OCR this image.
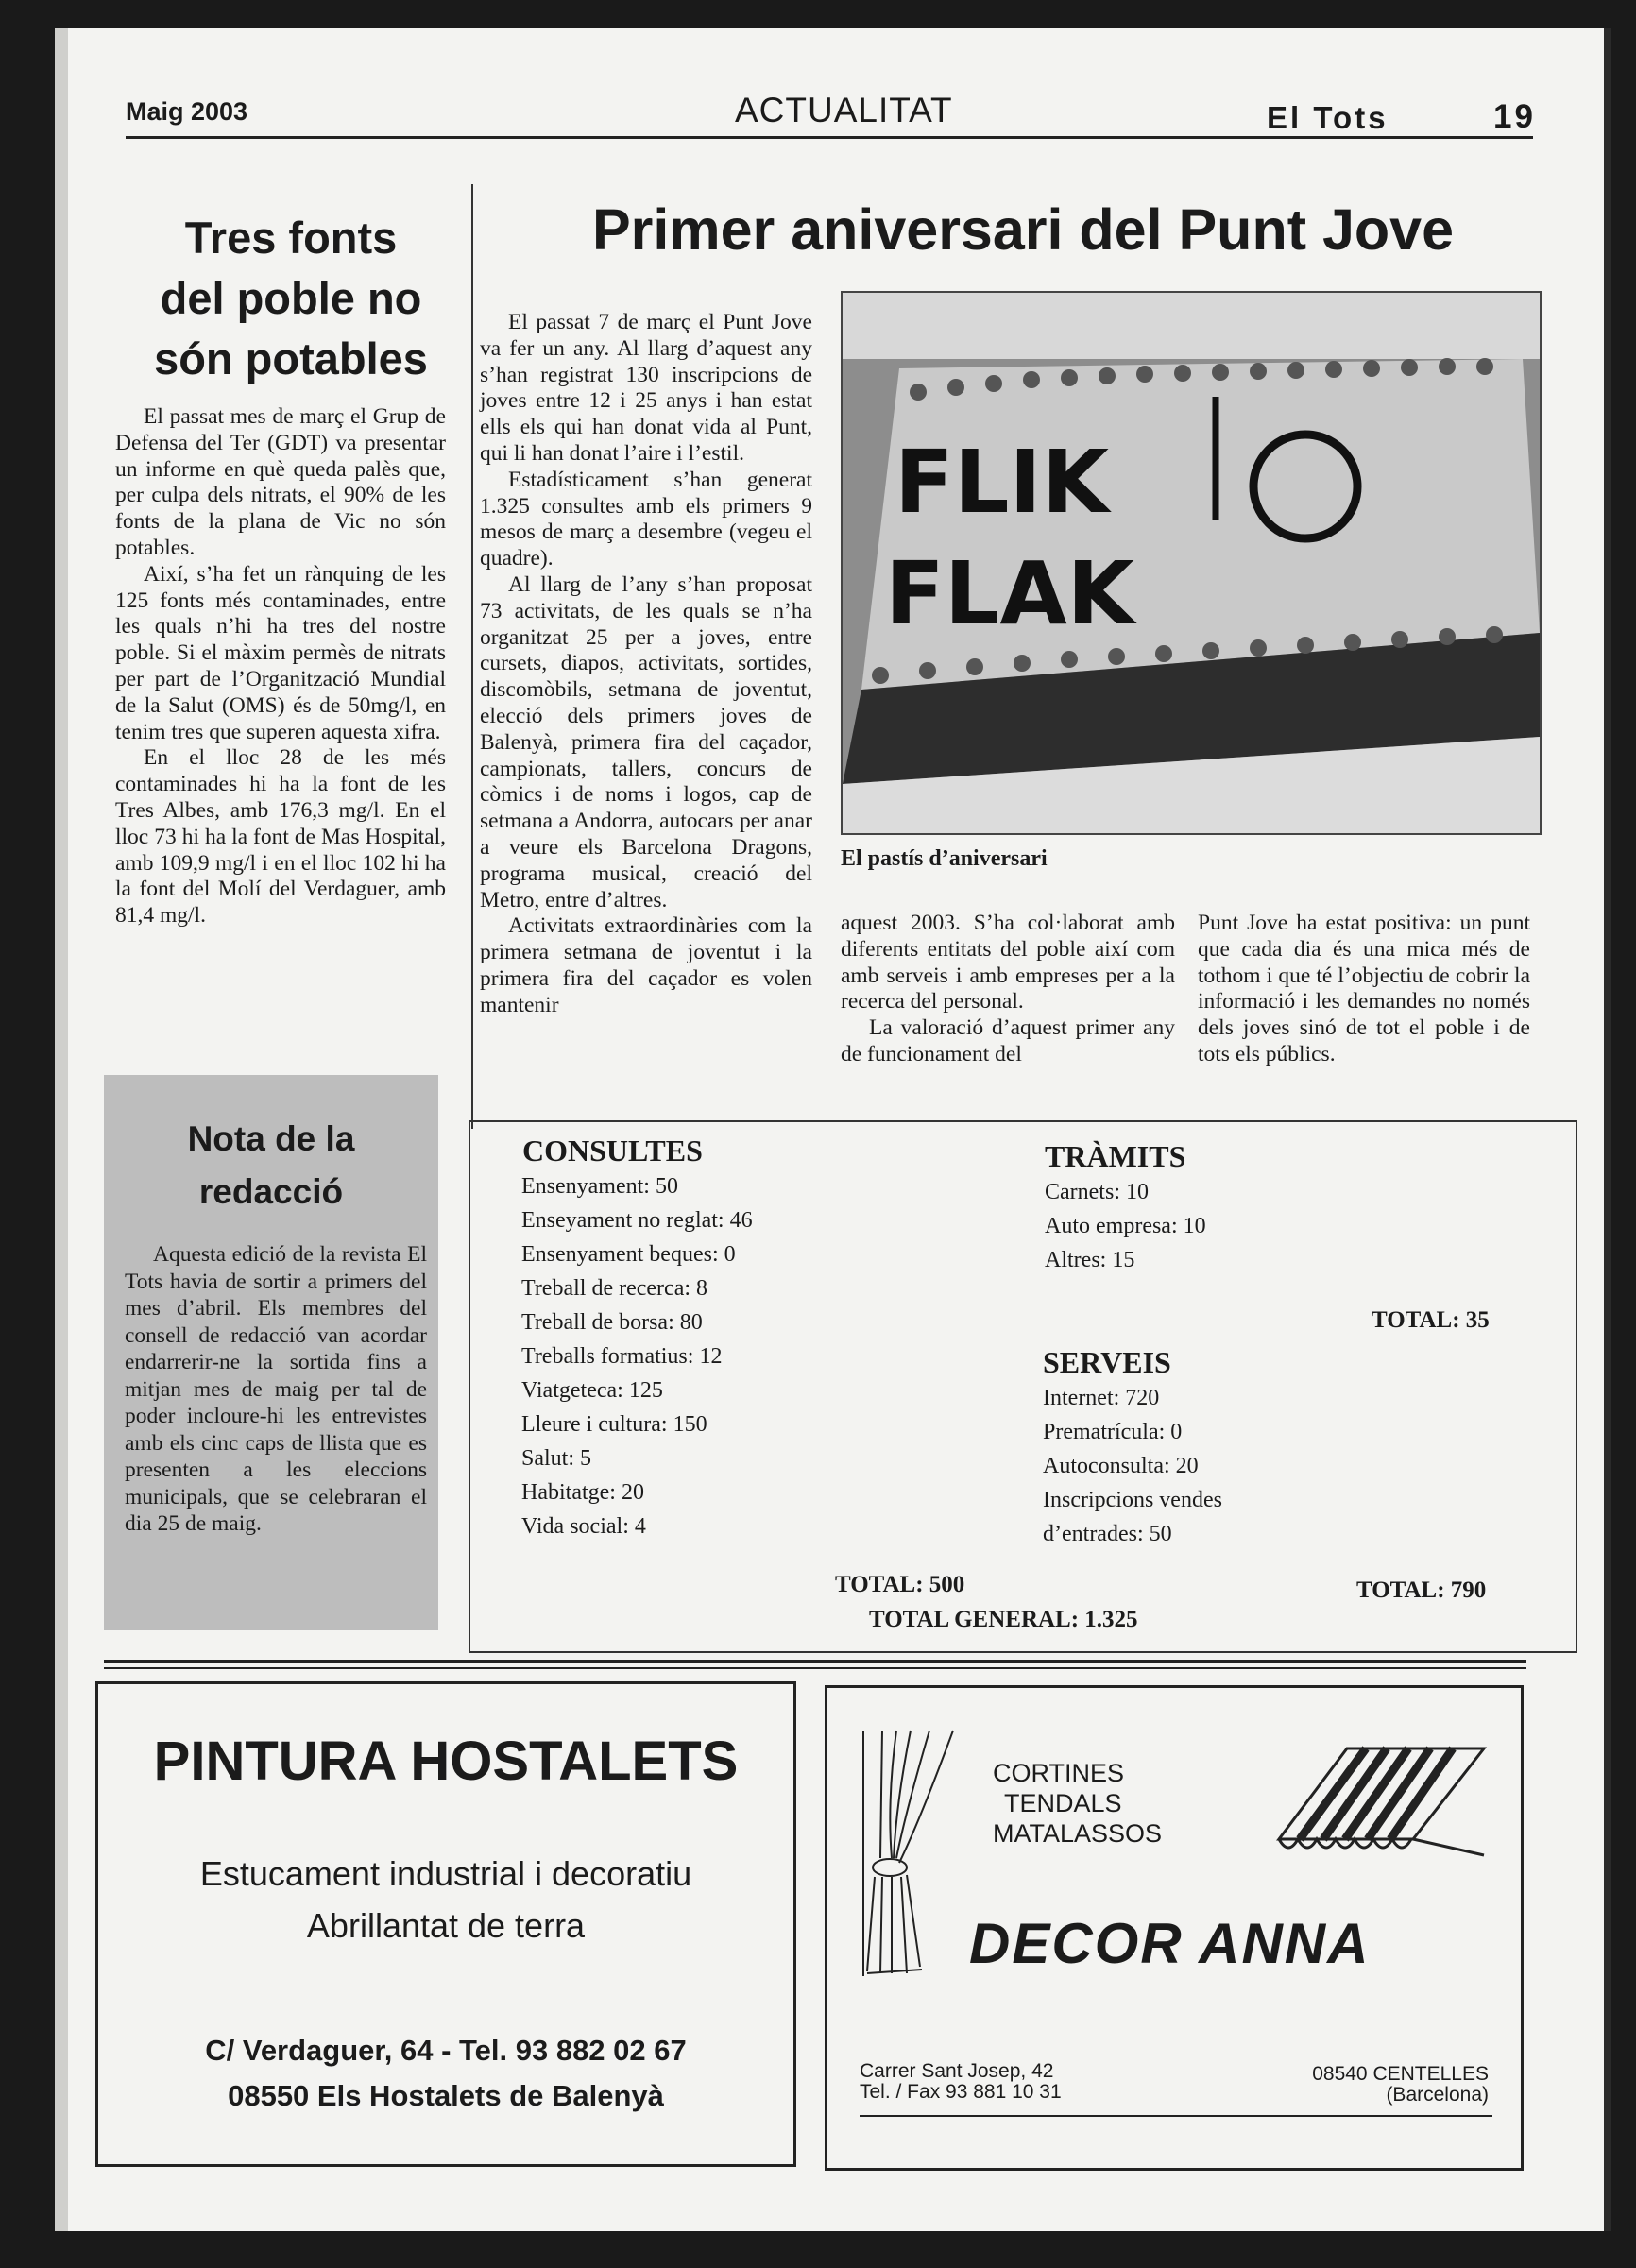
Maig 2003	ACTUALITAT	El Tots	19
Tres fonts
del poble no
són potables

El passat mes de març el Grup de Defensa del Ter (GDT) va presentar un informe en què queda palès que, per culpa dels nitrats, el 90% de les fonts de la plana de Vic no són potables.

Així, s’ha fet un rànquing de les 125 fonts més contaminades, entre les quals n’hi ha tres del nostre poble. Si el màxim permès de nitrats per part de l’Organització Mundial de la Salut (OMS) és de 50mg/l, en tenim tres que superen aquesta xifra.

En el lloc 28 de les més contaminades hi ha la font de les Tres Albes, amb 176,3 mg/l. En el lloc 73 hi ha la font de Mas Hospital, amb 109,9 mg/l i en el lloc 102 hi ha la font del Molí del Verdaguer, amb 81,4 mg/l.

Nota de la
redacció

Aquesta edició de la revista El Tots havia de sortir a primers del mes d’abril. Els membres del consell de redacció van acordar endarrerir-ne la sortida fins a mitjan mes de maig per tal de poder incloure-hi les entrevistes amb els cinc caps de llista que es presenten a les eleccions municipals, que se celebraran el dia 25 de maig.

Primer aniversari del Punt Jove

El passat 7 de març el Punt Jove va fer un any. Al llarg d’aquest any s’han registrat 130 inscripcions de joves entre 12 i 25 anys i han estat ells els qui han donat vida al Punt, qui li han donat l’aire i l’estil.

Estadísticament s’han generat 1.325 consultes amb els primers 9 mesos de març a desembre (vegeu el quadre).

Al llarg de l’any s’han proposat 73 activitats, de les quals se n’ha organitzat 25 per a joves, entre cursets, diapos, activitats, sortides, discomòbils, setmana de joventut, elecció dels primers joves de Balenyà, primera fira del caçador, campionats, tallers, concurs de còmics i de noms i logos, cap de setmana a Andorra, autocars per anar a veure els Barcelona Dragons, programa musical, creació del Metro, entre d’altres.

Activitats extraordinàries com la primera setmana de joventut i la primera fira del caçador es volen mantenir

FLIK
FLAK
El pastís d’aniversari

aquest 2003. S’ha col·laborat amb diferents entitats del poble així com amb serveis i amb empreses per a la recerca del personal.

La valoració d’aquest primer any de funcionament del

Punt Jove ha estat positiva: un punt que cada dia és una mica més de tothom i que té l’objectiu de cobrir la informació i les demandes no només dels joves sinó de tot el poble i de tots els públics.

CONSULTES
Ensenyament: 50
Enseyament no reglat: 46
Ensenyament beques: 0
Treball de recerca: 8
Treball de borsa: 80
Treballs formatius: 12
Viatgeteca: 125
Lleure i cultura: 150
Salut: 5
Habitatge: 20
Vida social: 4
TOTAL: 500
TOTAL GENERAL: 1.325
TRÀMITS
Carnets: 10
Auto empresa: 10
Altres: 15
TOTAL: 35
SERVEIS
Internet: 720
Prematrícula: 0
Autoconsulta: 20
Inscripcions vendes
d’entrades: 50
TOTAL: 790
PINTURA HOSTALETS
Estucament industrial i decoratiu
Abrillantat de terra
C/ Verdaguer, 64 - Tel. 93 882 02 67
08550 Els Hostalets de Balenyà
CORTINES
TENDALS
MATALASSOS
DECOR ANNA
Carrer Sant Josep, 42
Tel. / Fax 93 881 10 31
08540 CENTELLES
(Barcelona)
